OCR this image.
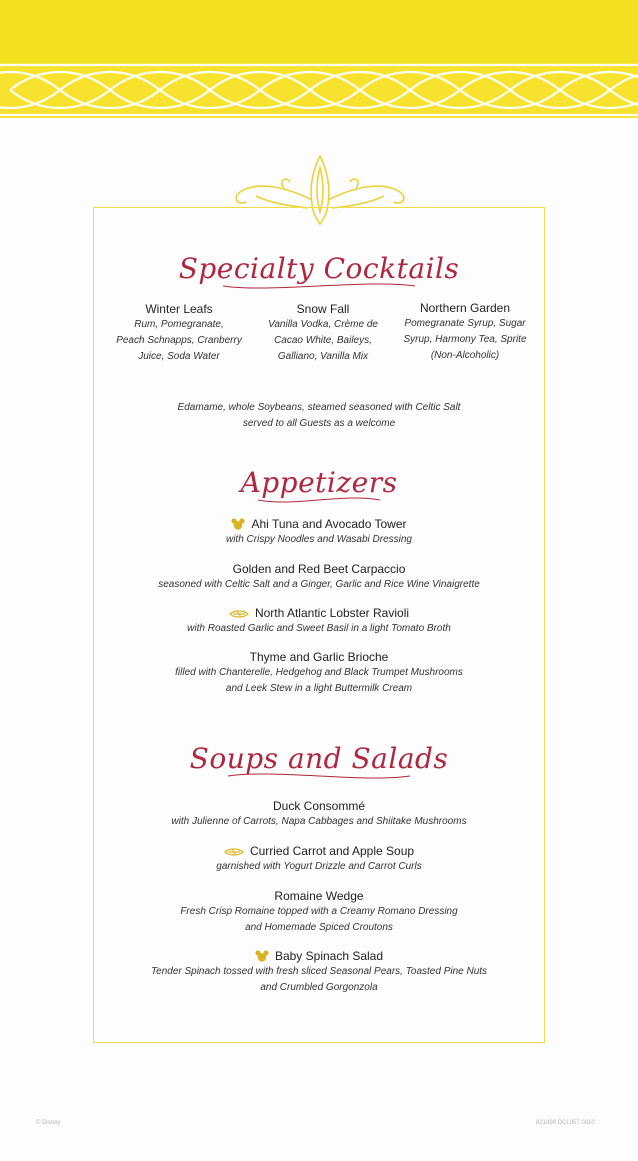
Specialty Cocktails
Winter Leafs
Rum, Pomegranate,
Peach Schnapps, Cranberry
Juice, Soda Water
Snow Fall
Vanilla Vodka, Crème de
Cacao White, Baileys,
Galliano, Vanilla Mix
Northern Garden
Pomegranate Syrup, Sugar
Syrup, Harmony Tea, Sprite
(Non-Alcoholic)
Edamame, whole Soybeans, steamed seasoned with Celtic Salt
served to all Guests as a welcome
Appetizers
Ahi Tuna and Avocado Tower
with Crispy Noodles and Wasabi Dressing
Golden and Red Beet Carpaccio
seasoned with Celtic Salt and a Ginger, Garlic and Rice Wine Vinaigrette
North Atlantic Lobster Ravioli
with Roasted Garlic and Sweet Basil in a light Tomato Broth
Thyme and Garlic Brioche
filled with Chanterelle, Hedgehog and Black Trumpet Mushrooms
and Leek Stew in a light Buttermilk Cream
Soups and Salads
Duck Consommé
with Julienne of Carrots, Napa Cabbages and Shiitake Mushrooms
Curried Carrot and Apple Soup
garnished with Yogurt Drizzle and Carrot Curls
Romaine Wedge
Fresh Crisp Romaine topped with a Creamy Romano Dressing
and Homemade Spiced Croutons
Baby Spinach Salad
Tender Spinach tossed with fresh sliced Seasonal Pears, Toasted Pine Nuts
and Crumbled Gorgonzola
© Disney	821898 DCL057.0810
